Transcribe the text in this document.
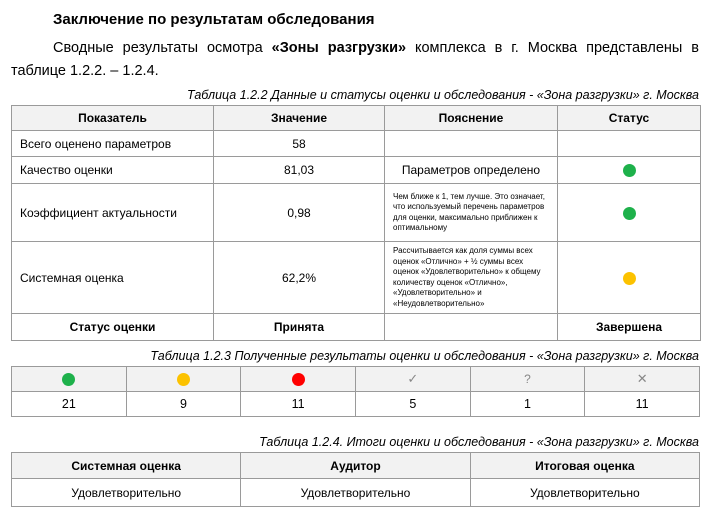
Заключение по результатам обследования
Сводные результаты осмотра «Зоны разгрузки» комплекса в г. Москва представлены в таблице 1.2.2. – 1.2.4.
Таблица 1.2.2 Данные и статусы оценки и обследования - «Зона разгрузки» г. Москва
Показатель	Значение	Пояснение	Статус
Всего оценено параметров	58		
Качество оценки	81,03	Параметров определено	
Коэффициент актуальности	0,98	Чем ближе к 1, тем лучше. Это означает, что используемый перечень параметров для оценки, максимально приближен к оптимальному	
Системная оценка	62,2%	Рассчитывается как доля суммы всех оценок «Отлично» + ½ суммы всех оценок «Удовлетворительно» к общему количеству оценок «Отлично», «Удовлетворительно» и «Неудовлетворительно»	
Статус оценки	Принята		Завершена
Таблица 1.2.3 Полученные результаты оценки и обследования - «Зона разгрузки» г. Москва
			✓	?	✕
21	9	11	5	1	11
Таблица 1.2.4. Итоги оценки и обследования - «Зона разгрузки» г. Москва
Системная оценка	Аудитор	Итоговая оценка
Удовлетворительно	Удовлетворительно	Удовлетворительно
